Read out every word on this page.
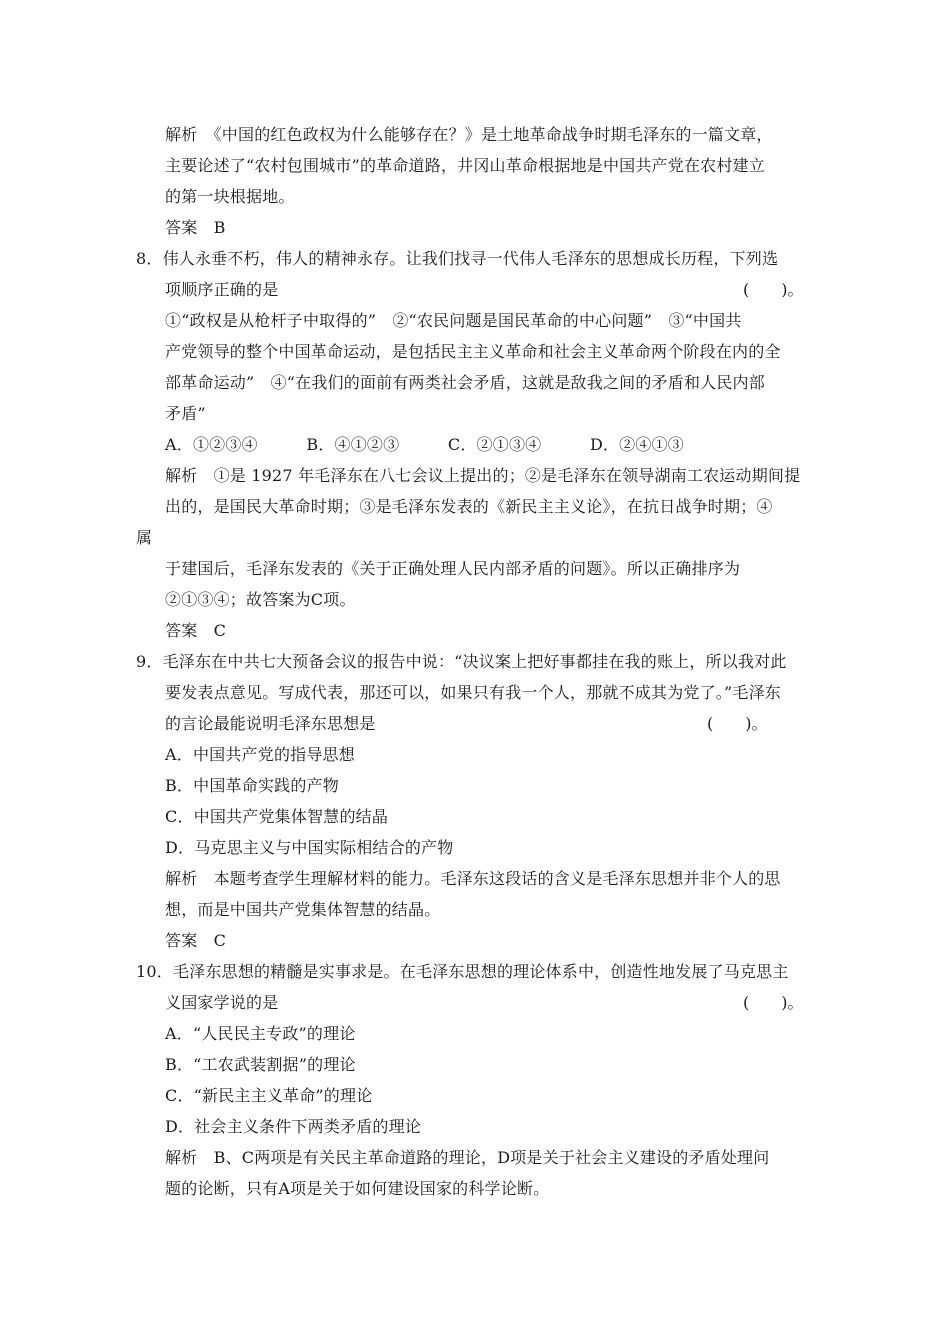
解析　《中国的红色政权为什么能够存在？》是土地革命战争时期毛泽东的一篇文章，
主要论述了“农村包围城市”的革命道路，井冈山革命根据地是中国共产党在农村建立
的第一块根据地。
答案　B
8．伟人永垂不朽，伟人的精神永存。让我们找寻一代伟人毛泽东的思想成长历程，下列选
项顺序正确的是	(　　)。
①“政权是从枪杆子中取得的”　②“农民问题是国民革命的中心问题”　③“中国共
产党领导的整个中国革命运动，是包括民主主义革命和社会主义革命两个阶段在内的全
部革命运动”　④“在我们的面前有两类社会矛盾，这就是敌我之间的矛盾和人民内部
矛盾”
A．①②③④　　　B．④①②③　　　C．②①③④　　　D．②④①③
解析　①是 1927 年毛泽东在八七会议上提出的；②是毛泽东在领导湖南工农运动期间提
出的，是国民大革命时期；③是毛泽东发表的《新民主主义论》，在抗日战争时期；④
属
于建国后，毛泽东发表的《关于正确处理人民内部矛盾的问题》。所以正确排序为
②①③④；故答案为C项。
答案　C
9．毛泽东在中共七大预备会议的报告中说：“决议案上把好事都挂在我的账上，所以我对此
要发表点意见。写成代表，那还可以，如果只有我一个人，那就不成其为党了。”毛泽东
的言论最能说明毛泽东思想是	(　　)。
A．中国共产党的指导思想
B．中国革命实践的产物
C．中国共产党集体智慧的结晶
D．马克思主义与中国实际相结合的产物
解析　本题考查学生理解材料的能力。毛泽东这段话的含义是毛泽东思想并非个人的思
想，而是中国共产党集体智慧的结晶。
答案　C
10．毛泽东思想的精髓是实事求是。在毛泽东思想的理论体系中，创造性地发展了马克思主
义国家学说的是	(　　)。
A．“人民民主专政”的理论
B．“工农武装割据”的理论
C．“新民主主义革命”的理论
D．社会主义条件下两类矛盾的理论
解析　B、C两项是有关民主革命道路的理论，D项是关于社会主义建设的矛盾处理问
题的论断，只有A项是关于如何建设国家的科学论断。
